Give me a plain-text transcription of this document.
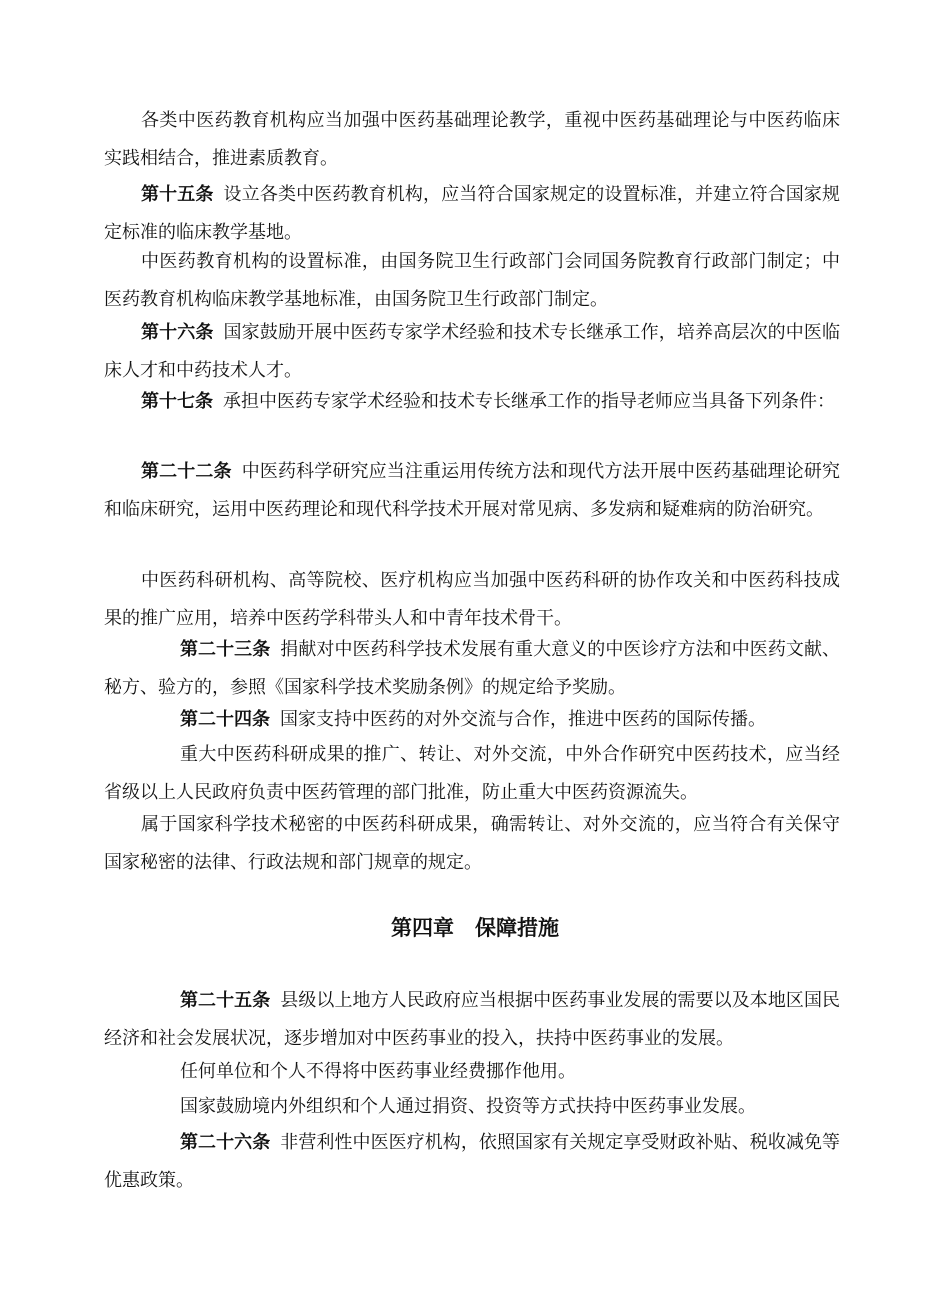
各类中医药教育机构应当加强中医药基础理论教学，重视中医药基础理论与中医药临床实践相结合，推进素质教育。

第十五条 设立各类中医药教育机构，应当符合国家规定的设置标准，并建立符合国家规定标准的临床教学基地。

中医药教育机构的设置标准，由国务院卫生行政部门会同国务院教育行政部门制定；中医药教育机构临床教学基地标准，由国务院卫生行政部门制定。

第十六条 国家鼓励开展中医药专家学术经验和技术专长继承工作，培养高层次的中医临床人才和中药技术人才。

第十七条 承担中医药专家学术经验和技术专长继承工作的指导老师应当具备下列条件：

第二十二条 中医药科学研究应当注重运用传统方法和现代方法开展中医药基础理论研究和临床研究，运用中医药理论和现代科学技术开展对常见病、多发病和疑难病的防治研究。

中医药科研机构、高等院校、医疗机构应当加强中医药科研的协作攻关和中医药科技成果的推广应用，培养中医药学科带头人和中青年技术骨干。

第二十三条 捐献对中医药科学技术发展有重大意义的中医诊疗方法和中医药文献、秘方、验方的，参照《国家科学技术奖励条例》的规定给予奖励。

第二十四条 国家支持中医药的对外交流与合作，推进中医药的国际传播。

重大中医药科研成果的推广、转让、对外交流，中外合作研究中医药技术，应当经省级以上人民政府负责中医药管理的部门批准，防止重大中医药资源流失。

属于国家科学技术秘密的中医药科研成果，确需转让、对外交流的，应当符合有关保守国家秘密的法律、行政法规和部门规章的规定。

第四章　保障措施

第二十五条 县级以上地方人民政府应当根据中医药事业发展的需要以及本地区国民经济和社会发展状况，逐步增加对中医药事业的投入，扶持中医药事业的发展。

任何单位和个人不得将中医药事业经费挪作他用。

国家鼓励境内外组织和个人通过捐资、投资等方式扶持中医药事业发展。

第二十六条 非营利性中医医疗机构，依照国家有关规定享受财政补贴、税收减免等优惠政策。
